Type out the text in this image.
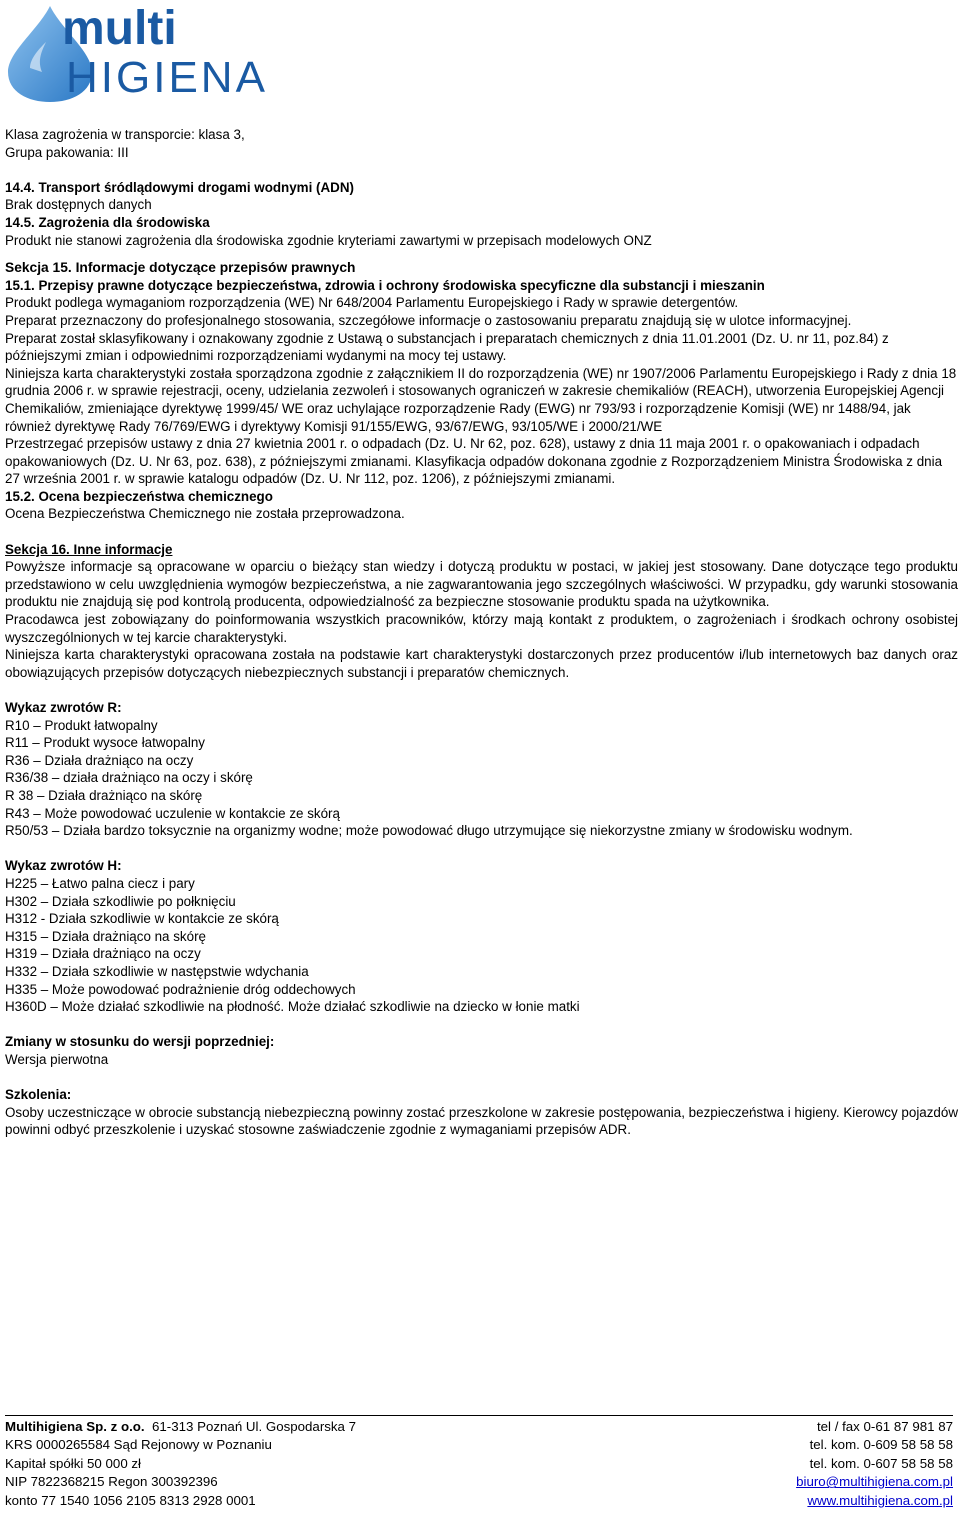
multi
HIGIENA

Klasa zagrożenia w transporcie: klasa 3,

Grupa pakowania: III

14.4. Transport śródlądowymi drogami wodnymi (ADN)

Brak dostępnych danych

14.5. Zagrożenia dla środowiska

Produkt nie stanowi zagrożenia dla środowiska zgodnie kryteriami zawartymi w przepisach modelowych ONZ

Sekcja 15. Informacje dotyczące przepisów prawnych

15.1. Przepisy prawne dotyczące bezpieczeństwa, zdrowia i ochrony środowiska specyficzne dla substancji i mieszanin

Produkt podlega wymaganiom rozporządzenia (WE) Nr 648/2004 Parlamentu Europejskiego i Rady w sprawie detergentów.

Preparat przeznaczony do profesjonalnego stosowania, szczegółowe informacje o zastosowaniu preparatu znajdują się w ulotce informacyjnej.

Preparat został sklasyfikowany i oznakowany zgodnie z Ustawą o substancjach i preparatach chemicznych z dnia 11.01.2001 (Dz. U. nr 11, poz.84) z późniejszymi zmian i odpowiednimi rozporządzeniami wydanymi na mocy tej ustawy.

Niniejsza karta charakterystyki została sporządzona zgodnie z załącznikiem II do rozporządzenia (WE) nr 1907/2006 Parlamentu Europejskiego i Rady z dnia 18 grudnia 2006 r. w sprawie rejestracji, oceny, udzielania zezwoleń i stosowanych ograniczeń w zakresie chemikaliów (REACH), utworzenia Europejskiej Agencji Chemikaliów, zmieniające dyrektywę 1999/45/ WE oraz uchylające rozporządzenie Rady (EWG) nr 793/93 i rozporządzenie Komisji (WE) nr 1488/94, jak również dyrektywę Rady 76/769/EWG i dyrektywy Komisji 91/155/EWG, 93/67/EWG, 93/105/WE i 2000/21/WE

Przestrzegać przepisów ustawy z dnia 27 kwietnia 2001 r. o odpadach (Dz. U. Nr 62, poz. 628), ustawy z dnia 11 maja 2001 r. o opakowaniach i odpadach opakowaniowych (Dz. U. Nr 63, poz. 638), z późniejszymi zmianami. Klasyfikacja odpadów dokonana zgodnie z Rozporządzeniem Ministra Środowiska z dnia 27 września 2001 r. w sprawie katalogu odpadów (Dz. U. Nr 112, poz. 1206), z późniejszymi zmianami.

15.2. Ocena bezpieczeństwa chemicznego

Ocena Bezpieczeństwa Chemicznego nie została przeprowadzona.

Sekcja 16. Inne informacje

Powyższe informacje są opracowane w oparciu o bieżący stan wiedzy i dotyczą produktu w postaci, w jakiej jest stosowany. Dane dotyczące tego produktu przedstawiono w celu uwzględnienia wymogów bezpieczeństwa, a nie zagwarantowania jego szczególnych właściwości. W przypadku, gdy warunki stosowania produktu nie znajdują się pod kontrolą producenta, odpowiedzialność za bezpieczne stosowanie produktu spada na użytkownika.

Pracodawca jest zobowiązany do poinformowania wszystkich pracowników, którzy mają kontakt z produktem, o zagrożeniach i środkach ochrony osobistej wyszczególnionych w tej karcie charakterystyki.

Niniejsza karta charakterystyki opracowana została na podstawie kart charakterystyki dostarczonych przez producentów i/lub internetowych baz danych oraz obowiązujących przepisów dotyczących niebezpiecznych substancji i preparatów chemicznych.

Wykaz zwrotów R:

R10 – Produkt łatwopalny

R11 – Produkt wysoce łatwopalny

R36 – Działa drażniąco na oczy

R36/38 – działa drażniąco na oczy i skórę

R 38 – Działa drażniąco na skórę

R43 – Może powodować uczulenie w kontakcie ze skórą

R50/53 – Działa bardzo toksycznie na organizmy wodne; może powodować długo utrzymujące się niekorzystne zmiany w środowisku wodnym.

Wykaz zwrotów H:

H225 – Łatwo palna ciecz i pary

H302 – Działa szkodliwie po połknięciu

H312 - Działa szkodliwie w kontakcie ze skórą

H315 – Działa drażniąco na skórę

H319 – Działa drażniąco na oczy

H332 – Działa szkodliwie w następstwie wdychania

H335 – Może powodować podrażnienie dróg oddechowych

H360D – Może działać szkodliwie na płodność. Może działać szkodliwie na dziecko w łonie matki

Zmiany w stosunku do wersji poprzedniej:

Wersja pierwotna

Szkolenia:

Osoby uczestniczące w obrocie substancją niebezpieczną powinny zostać przeszkolone w zakresie postępowania, bezpieczeństwa i higieny. Kierowcy pojazdów powinni odbyć przeszkolenie i uzyskać stosowne zaświadczenie zgodnie z wymaganiami przepisów ADR.

Multihigiena Sp. z o.o. 61-313 Poznań Ul. Gospodarska 7	tel / fax 0-61 87 981 87
KRS 0000265584 Sąd Rejonowy w Poznaniu	tel. kom. 0-609 58 58 58
Kapitał spółki 50 000 zł	tel. kom. 0-607 58 58 58
NIP 7822368215 Regon 300392396	biuro@multihigiena.com.pl
konto 77 1540 1056 2105 8313 2928 0001	www.multihigiena.com.pl
